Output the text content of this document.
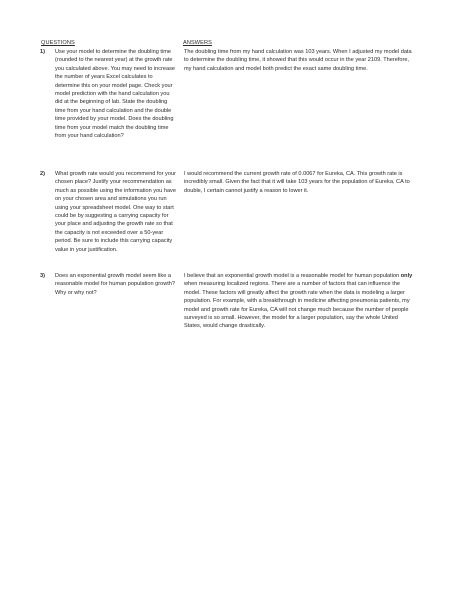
QUESTIONS	ANSWERS
1) Use your model to determine the doubling time (rounded to the nearest year) at the growth rate you calculated above. You may need to increase the number of years Excel calculates to determine this on your model page. Check your model prediction with the hand calculation you did at the beginning of lab. State the doubling time from your hand calculation and the double time provided by your model. Does the doubling time from your model match the doubling time from your hand calculation?
The doubling time from my hand calculation was 103 years. When I adjusted my model data to determine the doubling time, it showed that this would occur in the year 2109. Therefore, my hand calculation and model both predict the exact same doubling time.
2) What growth rate would you recommend for your chosen place? Justify your recommendation as much as possible using the information you have on your chosen area and simulations you run using your spreadsheet model. One way to start could be by suggesting a carrying capacity for your place and adjusting the growth rate so that the capacity is not exceeded over a 50-year period. Be sure to include this carrying capacity value in your justification.
I would recommend the current growth rate of 0.0067 for Eureka, CA. This growth rate is incredibly small. Given the fact that it will take 103 years for the population of Eureka, CA to double, I certain cannot justify a reason to lower it.
3) Does an exponential growth model seem like a reasonable model for human population growth? Why or why not?
I believe that an exponential growth model is a reasonable model for human population only when measuring localized regions. There are a number of factors that can influence the model. These factors will greatly affect the growth rate when the data is modeling a larger population. For example, with a breakthrough in medicine affecting pneumonia patients, my model and growth rate for Eureka, CA will not change much because the number of people surveyed is so small. However, the model for a larger population, say the whole United States, would change drastically.
